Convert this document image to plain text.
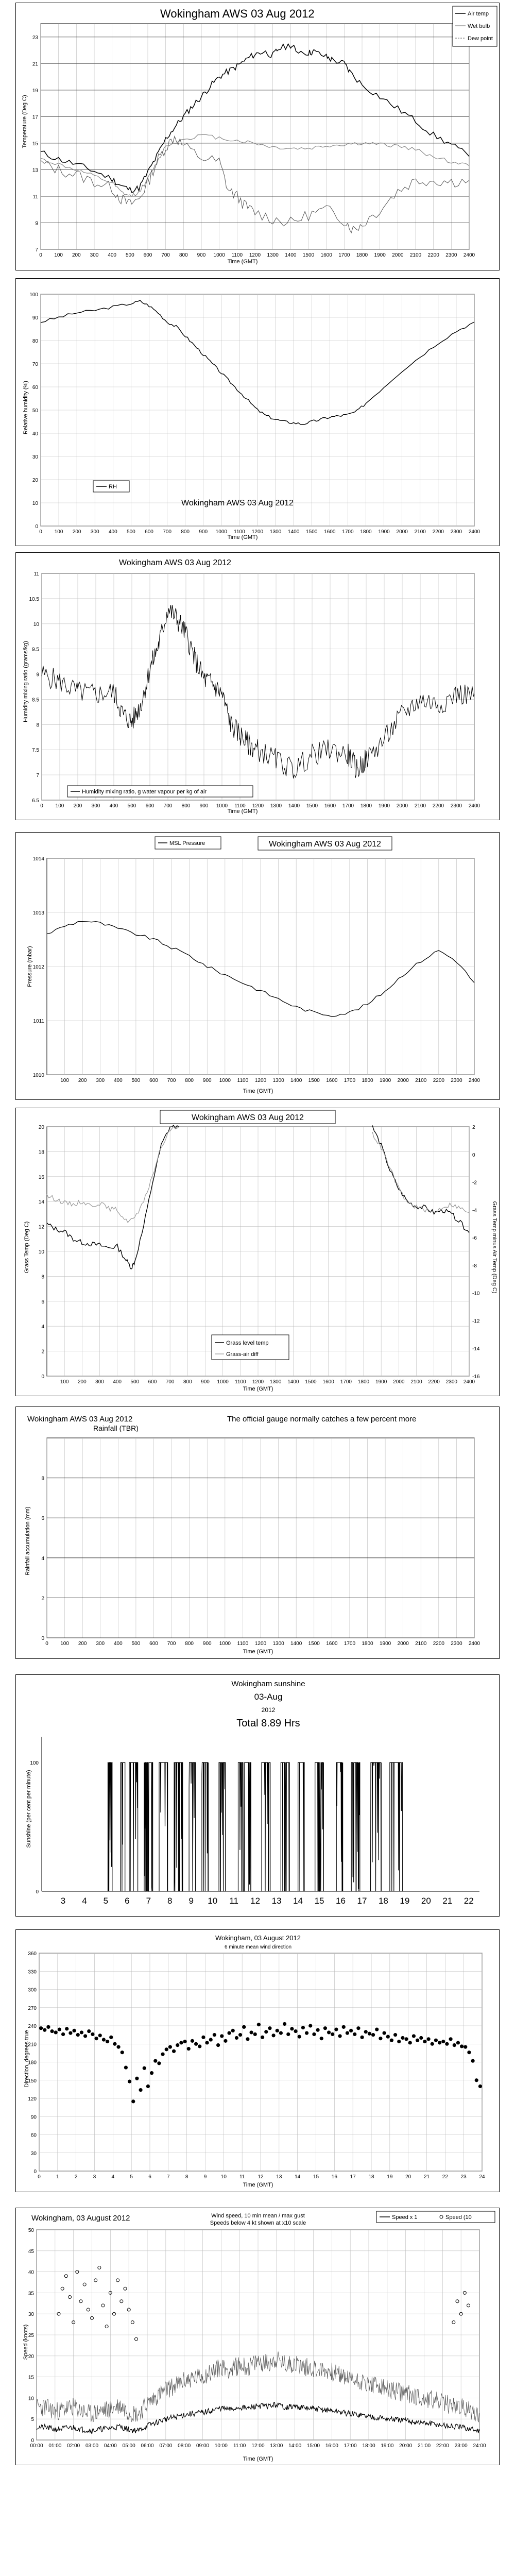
0 100 200 300 400 500 600 700 800 900 1000 1100 1200 1300 1400 1500 1600 1700 1800 1900 2000 2100 2200 2300 2400
7
9
11
13
15
17
19
21
23
Wokingham AWS 03 Aug 2012
Time (GMT)
Temperature (Deg C)
Air temp
Wet bulb
Dew point
0 100 200 300 400 500 600 700 800 900 1000 1100 1200 1300 1400 1500 1600 1700 1800 1900 2000 2100 2200 2300 2400
0
10
20
30
40
50
60
70
80
90
100
Time (GMT)
Relative humidity (%)
RH
Wokingham AWS 03 Aug 2012
0 100 200 300 400 500 600 700 800 900 1000 1100 1200 1300 1400 1500 1600 1700 1800 1900 2000 2100 2200 2300 2400
6.5
7
7.5
8
8.5
9
9.5
10
10.5
11
Wokingham AWS 03 Aug 2012
Time (GMT)
Humidity mixing ratio (grams/kg)
Humidity mixing ratio, g water vapour per kg of air
100 200 300 400 500 600 700 800 900 1000 1100 1200 1300 1400 1500 1600 1700 1800 1900 2000 2100 2200 2300 2400
1010
1011
1012
1013
1014
MSL Pressure	Wokingham AWS 03 Aug 2012
Time (GMT)
Pressure (mbar)
100 200 300 400 500 600 700 800 900 1000 1100 1200 1300 1400 1500 1600 1700 1800 1900 2000 2100 2200 2300 2400
0
2
4
6
8
10
12
14
16
18
20
-16
-14
-12
-10
-8
-6
-4
-2
0
2
Wokingham AWS 03 Aug 2012
Time (GMT)
Grass Temp (Deg C)	Grass Temp minus Air Temp (Deg C)
Grass level temp
Grass-air diff
0 100 200 300 400 500 600 700 800 900 1000 1100 1200 1300 1400 1500 1600 1700 1800 1900 2000 2100 2200 2300 2400
0
2
4
6
8
Wokingham AWS 03 Aug 2012
Rainfall (TBR)
The official gauge normally catches a few percent more
Time (GMT)
Rainfall accumulation (mm)
0
100
3 4 5 6 7 8 9 10 11 12 13 14 15 16 17 18 19 20 21 22
Wokingham sunshine
03-Aug
2012
Total 8.89 Hrs
Sunshine (per cent per minute)
0	1	2	3	4	5	6	7	8	9	10	11	12 13 14 15 16 17 18 19 20 21 22 23 24
0
30
60
90
120
150
180
210
240
270
300
330
360
Wokingham, 03 August 2012
6 minute mean wind direction
Time (GMT)
Direction, degrees true
00:00 01:00 02:00 03:00 04:00 05:00 06:00 07:00 08:00 09:00 10:00 11:00 12:00 13:00 14:00 15:00 16:00 17:00 18:00 19:00 20:00 21:00 22:00 23:00 24:00
0
5
10
15
20
25
30
35
40
45
50
Wokingham, 03 August 2012	Wind speed, 10 min mean / max gust
Speeds below 4 kt shown at x10 scale
Time (GMT)
Speed (knots)
Speed x 1	Speed (10
